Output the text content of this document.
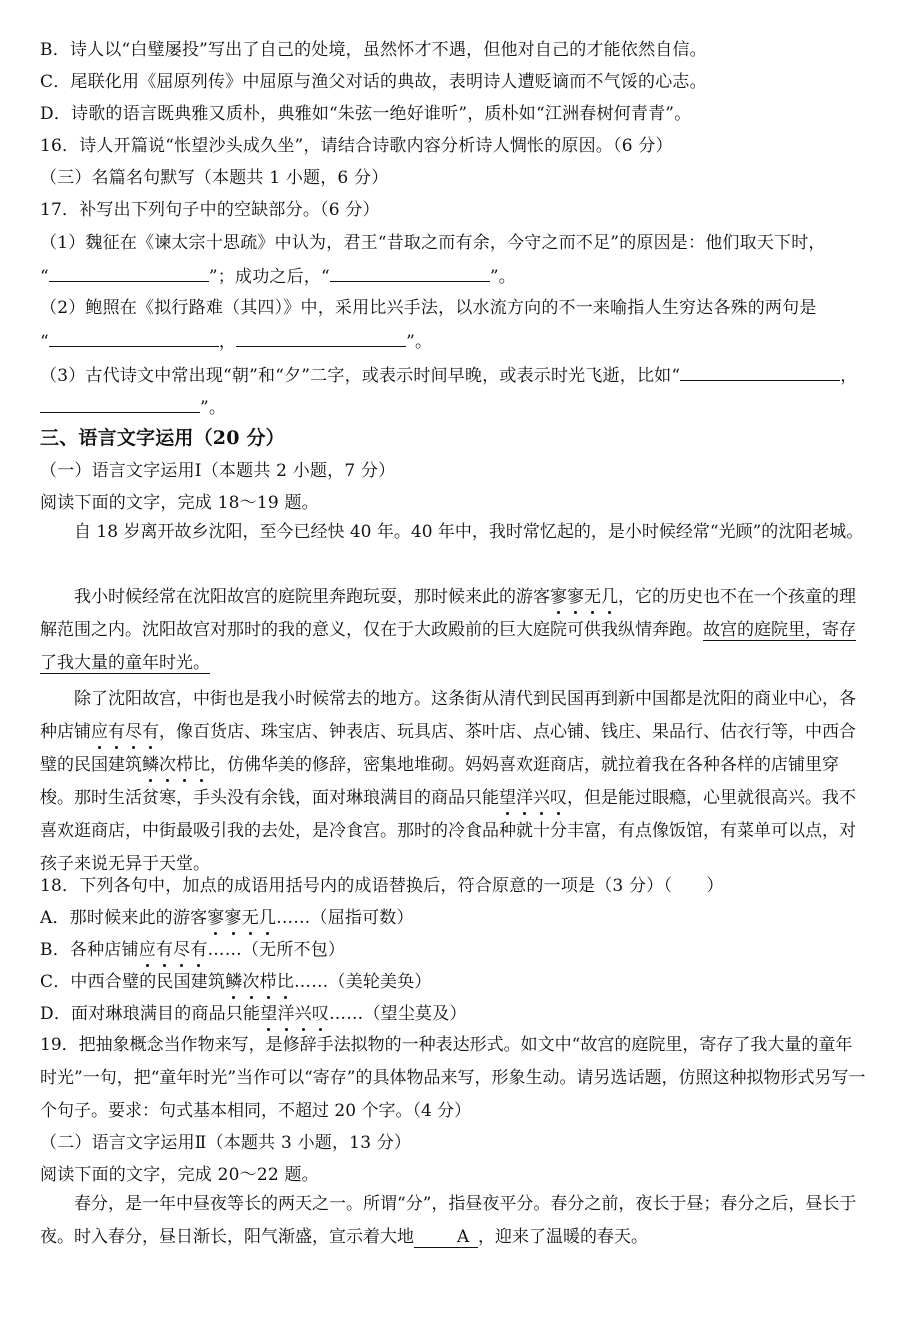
B．诗人以“白璧屡投”写出了自己的处境，虽然怀才不遇，但他对自己的才能依然自信。
C．尾联化用《屈原列传》中屈原与渔父对话的典故，表明诗人遭贬谪而不气馁的心志。
D．诗歌的语言既典雅又质朴，典雅如“朱弦一绝好谁听”，质朴如“江洲春树何青青”。
16．诗人开篇说“怅望沙头成久坐”，请结合诗歌内容分析诗人惆怅的原因。（6 分）
（三）名篇名句默写（本题共 1 小题，6 分）
17．补写出下列句子中的空缺部分。（6 分）
（1）魏征在《谏太宗十思疏》中认为，君王“昔取之而有余，今守之而不足”的原因是：他们取天下时，
“	”；成功之后，“	”。
（2）鲍照在《拟行路难（其四）》中，采用比兴手法，以水流方向的不一来喻指人生穷达各殊的两句是
“	，	”。
（3）古代诗文中常出现“朝”和“夕”二字，或表示时间早晚，或表示时光飞逝，比如“	，
”。
三、语言文字运用（20 分）
（一）语言文字运用Ⅰ（本题共 2 小题，7 分）
阅读下面的文字，完成 18～19 题。
自 18 岁离开故乡沈阳，至今已经快 40 年。40 年中，我时常忆起的，是小时候经常“光顾”的沈阳老城。
我小时候经常在沈阳故宫的庭院里奔跑玩耍，那时候来此的游客寥寥无几，它的历史也不在一个孩童的理解范围之内。沈阳故宫对那时的我的意义，仅在于大政殿前的巨大庭院可供我纵情奔跑。故宫的庭院里，寄存了我大量的童年时光。
除了沈阳故宫，中街也是我小时候常去的地方。这条街从清代到民国再到新中国都是沈阳的商业中心，各种店铺应有尽有，像百货店、珠宝店、钟表店、玩具店、茶叶店、点心铺、钱庄、果品行、估衣行等，中西合璧的民国建筑鳞次栉比，仿佛华美的修辞，密集地堆砌。妈妈喜欢逛商店，就拉着我在各种各样的店铺里穿梭。那时生活贫寒，手头没有余钱，面对琳琅满目的商品只能望洋兴叹，但是能过眼瘾，心里就很高兴。我不喜欢逛商店，中街最吸引我的去处，是冷食宫。那时的冷食品种就十分丰富，有点像饭馆，有菜单可以点，对孩子来说无异于天堂。
18．下列各句中，加点的成语用括号内的成语替换后，符合原意的一项是（3 分）（　　）
A．那时候来此的游客寥寥无几……（屈指可数）
B．各种店铺应有尽有……（无所不包）
C．中西合璧的民国建筑鳞次栉比……（美轮美奂）
D．面对琳琅满目的商品只能望洋兴叹……（望尘莫及）
19．把抽象概念当作物来写，是修辞手法拟物的一种表达形式。如文中“故宫的庭院里，寄存了我大量的童年时光”一句，把“童年时光”当作可以“寄存”的具体物品来写，形象生动。请另选话题，仿照这种拟物形式另写一个句子。要求：句式基本相同，不超过 20 个字。（4 分）
（二）语言文字运用Ⅱ（本题共 3 小题，13 分）
阅读下面的文字，完成 20～22 题。
春分，是一年中昼夜等长的两天之一。所谓“分”，指昼夜平分。春分之前，夜长于昼；春分之后，昼长于夜。时入春分，昼日渐长，阳气渐盛，宣示着大地	A ，迎来了温暖的春天。
